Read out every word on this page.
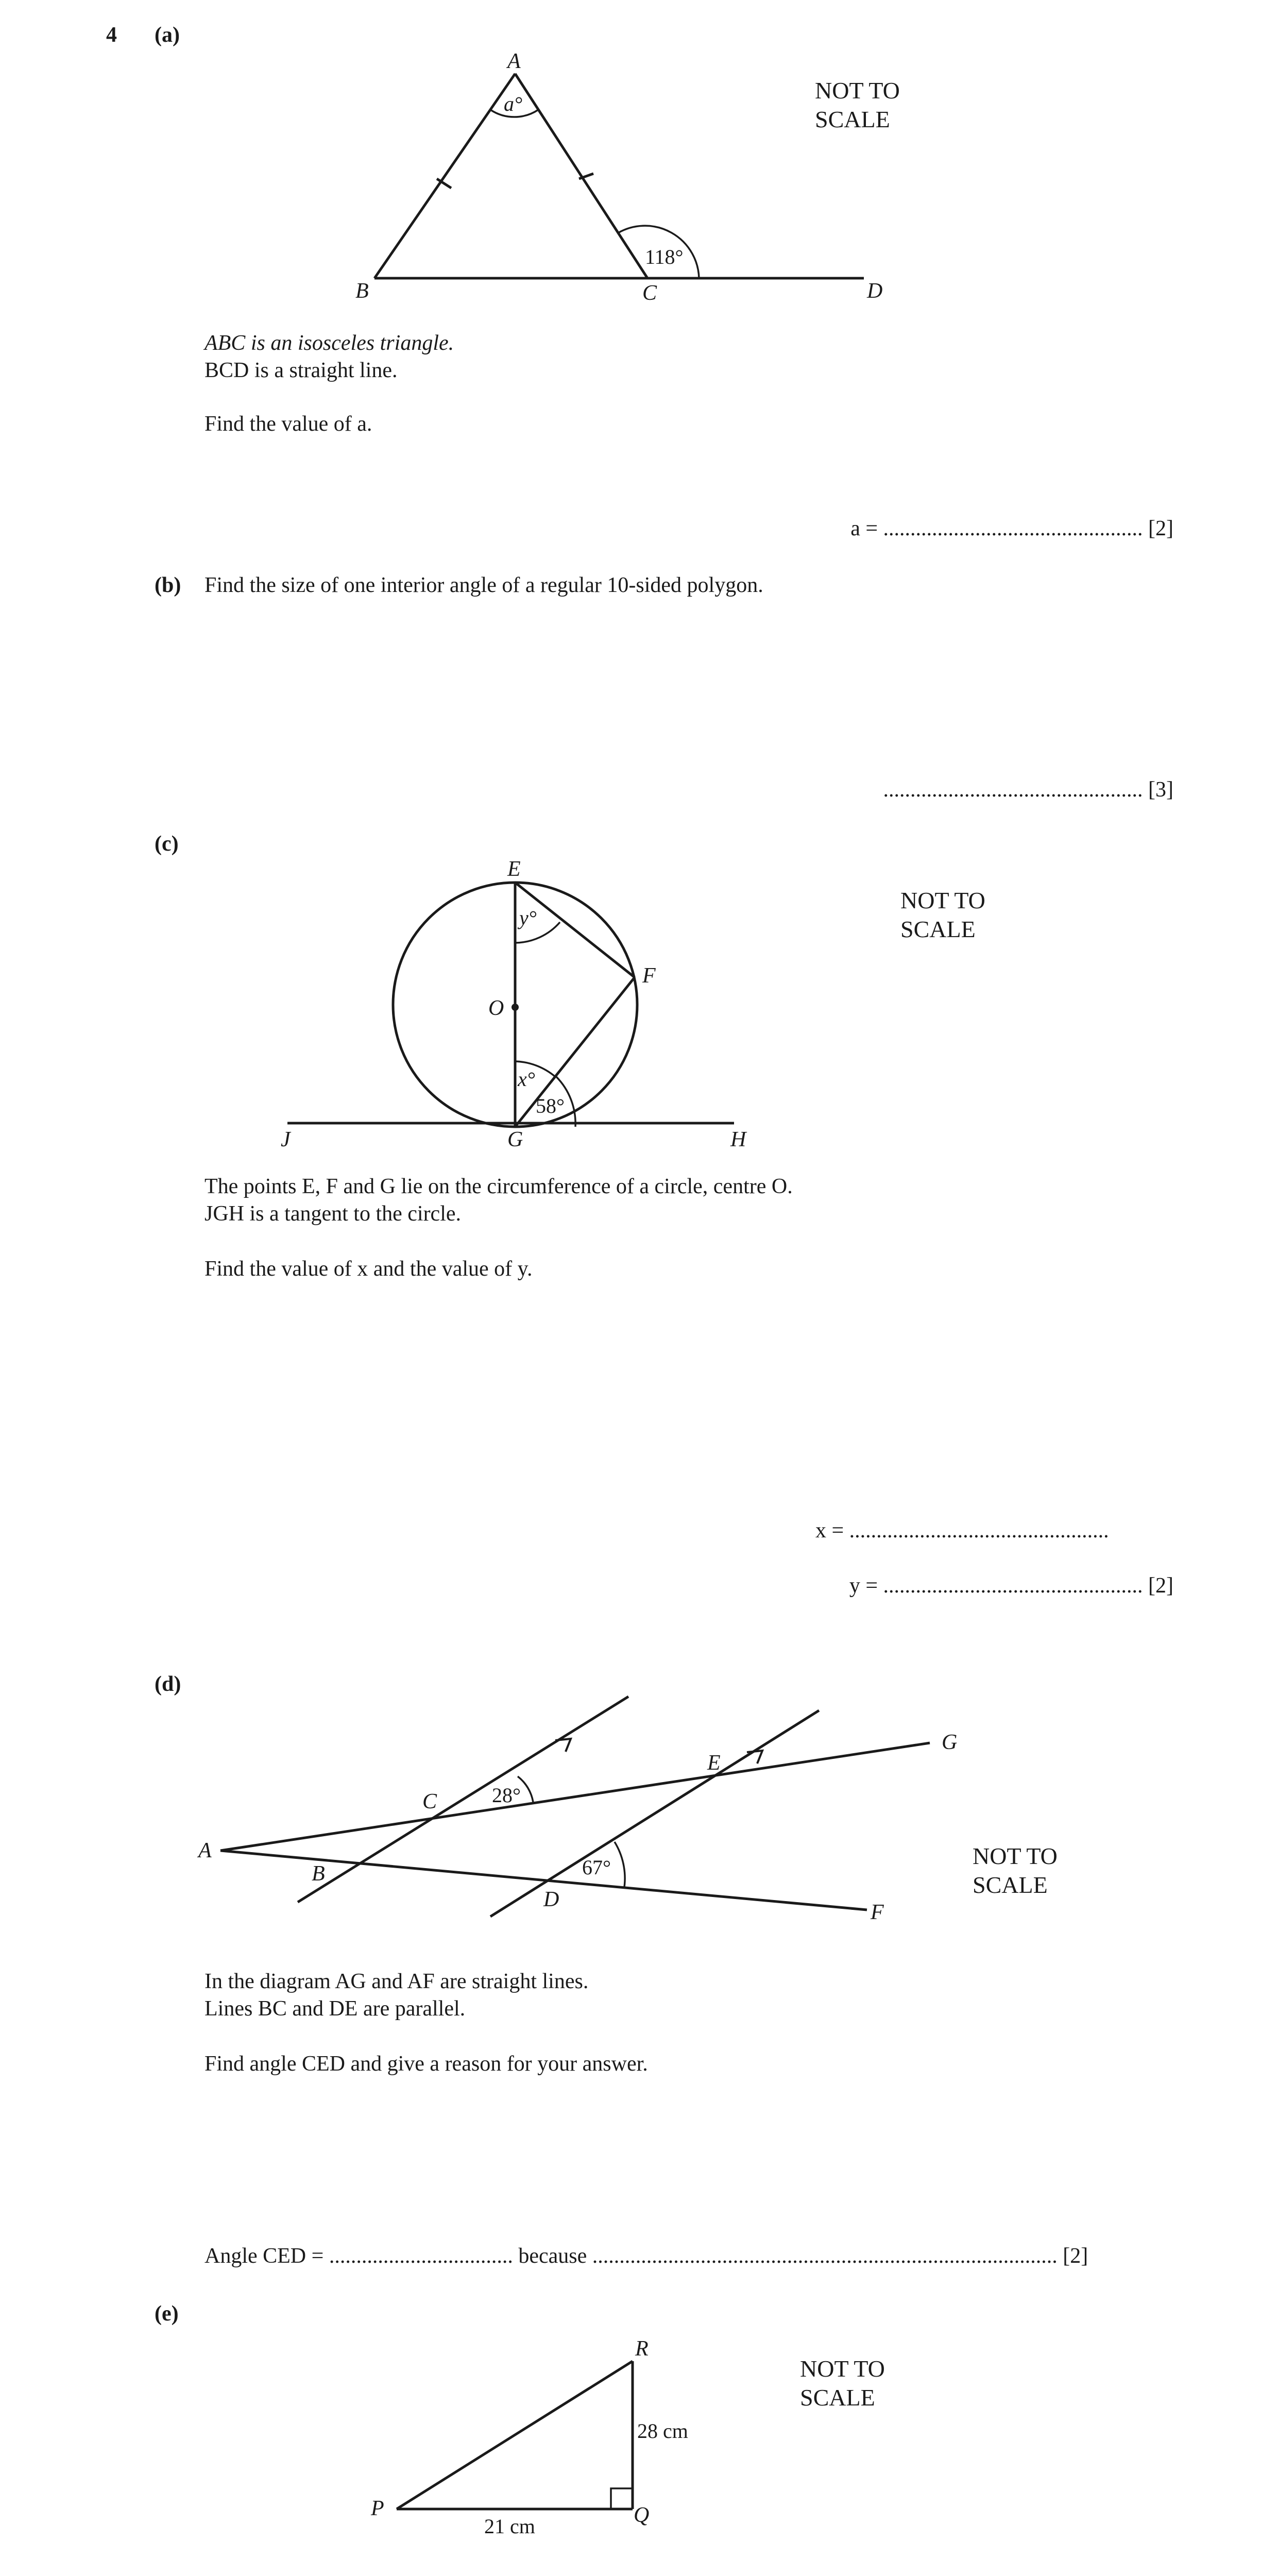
4 (a)
NOT TO
SCALE
A
B	C	D
a°
118°
E
F
O
G
J	H
y°
x°
58°
A
B
C
D
E
F
G
28°
67°
P	Q
R
28 cm
21 cm
ABC is an isosceles triangle.
BCD is a straight line.
Find the value of a.
a = ................................................ [2]
(b) Find the size of one interior angle of a regular 10-sided polygon.
................................................ [3]
(c)
NOT TO
SCALE
The points E, F and G lie on the circumference of a circle, centre O.
JGH is a tangent to the circle.
Find the value of x and the value of y.
x = ................................................
y = ................................................ [2]
(d)
NOT TO
SCALE
In the diagram AG and AF are straight lines.
Lines BC and DE are parallel.
Find angle CED and give a reason for your answer.
Angle CED = .................................. because ...................................................................................... [2]
(e)
NOT TO
SCALE
